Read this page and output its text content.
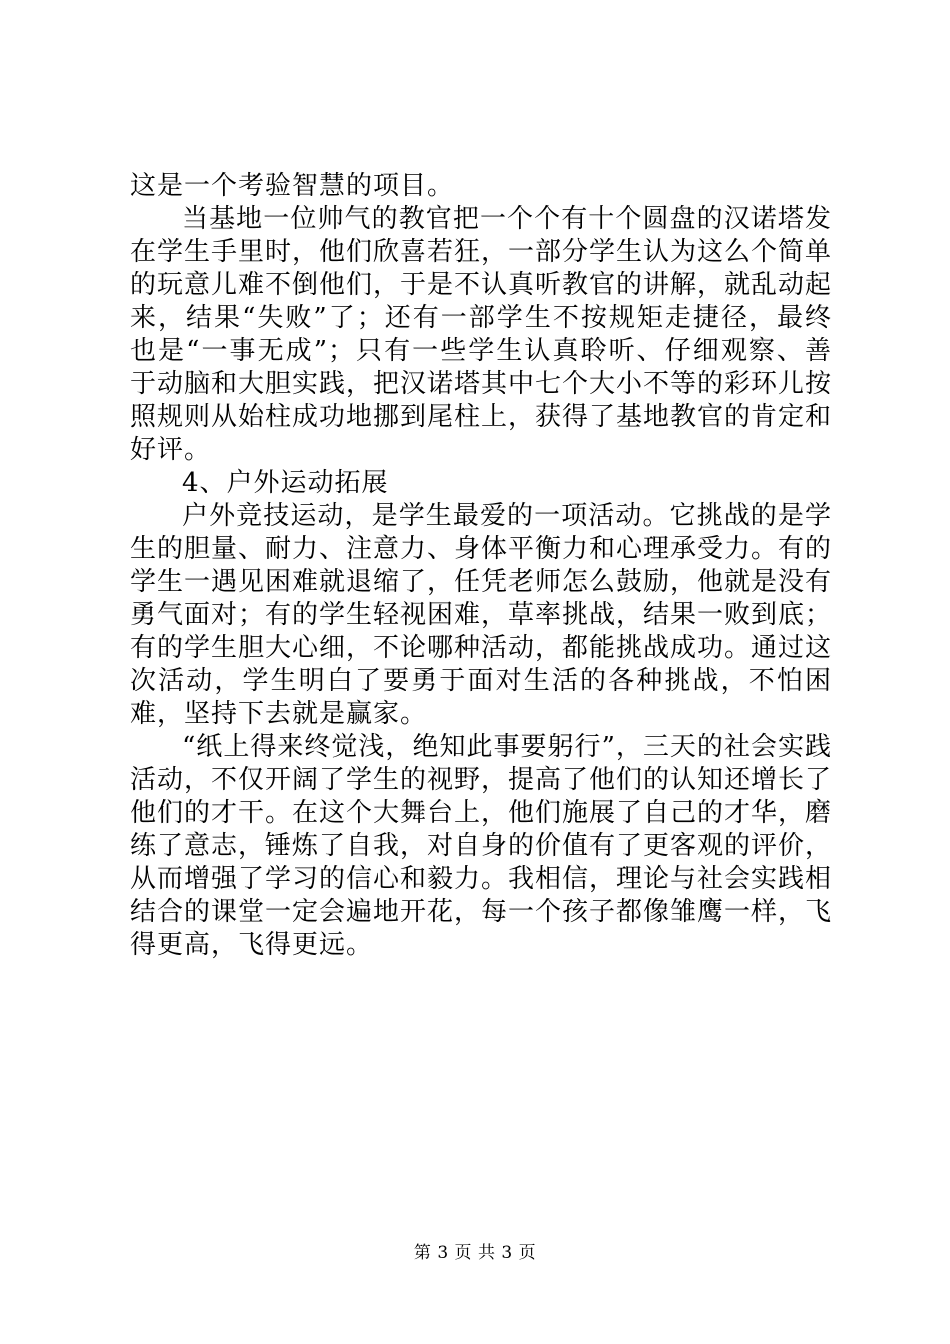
这是一个考验智慧的项目。

当基地一位帅气的教官把一个个有十个圆盘的汉诺塔发在学生手里时，他们欣喜若狂，一部分学生认为这么个简单的玩意儿难不倒他们，于是不认真听教官的讲解，就乱动起来，结果“失败”了；还有一部学生不按规矩走捷径，最终也是“一事无成”；只有一些学生认真聆听、仔细观察、善于动脑和大胆实践，把汉诺塔其中七个大小不等的彩环儿按照规则从始柱成功地挪到尾柱上，获得了基地教官的肯定和好评。

4、户外运动拓展

户外竞技运动，是学生最爱的一项活动。它挑战的是学生的胆量、耐力、注意力、身体平衡力和心理承受力。有的学生一遇见困难就退缩了，任凭老师怎么鼓励，他就是没有勇气面对；有的学生轻视困难，草率挑战，结果一败到底；有的学生胆大心细，不论哪种活动，都能挑战成功。通过这次活动，学生明白了要勇于面对生活的各种挑战，不怕困难，坚持下去就是赢家。

“纸上得来终觉浅，绝知此事要躬行”，三天的社会实践活动，不仅开阔了学生的视野，提高了他们的认知还增长了他们的才干。在这个大舞台上，他们施展了自己的才华，磨练了意志，锤炼了自我，对自身的价值有了更客观的评价，从而增强了学习的信心和毅力。我相信，理论与社会实践相结合的课堂一定会遍地开花，每一个孩子都像雏鹰一样，飞得更高，飞得更远。

第 3 页 共 3 页
